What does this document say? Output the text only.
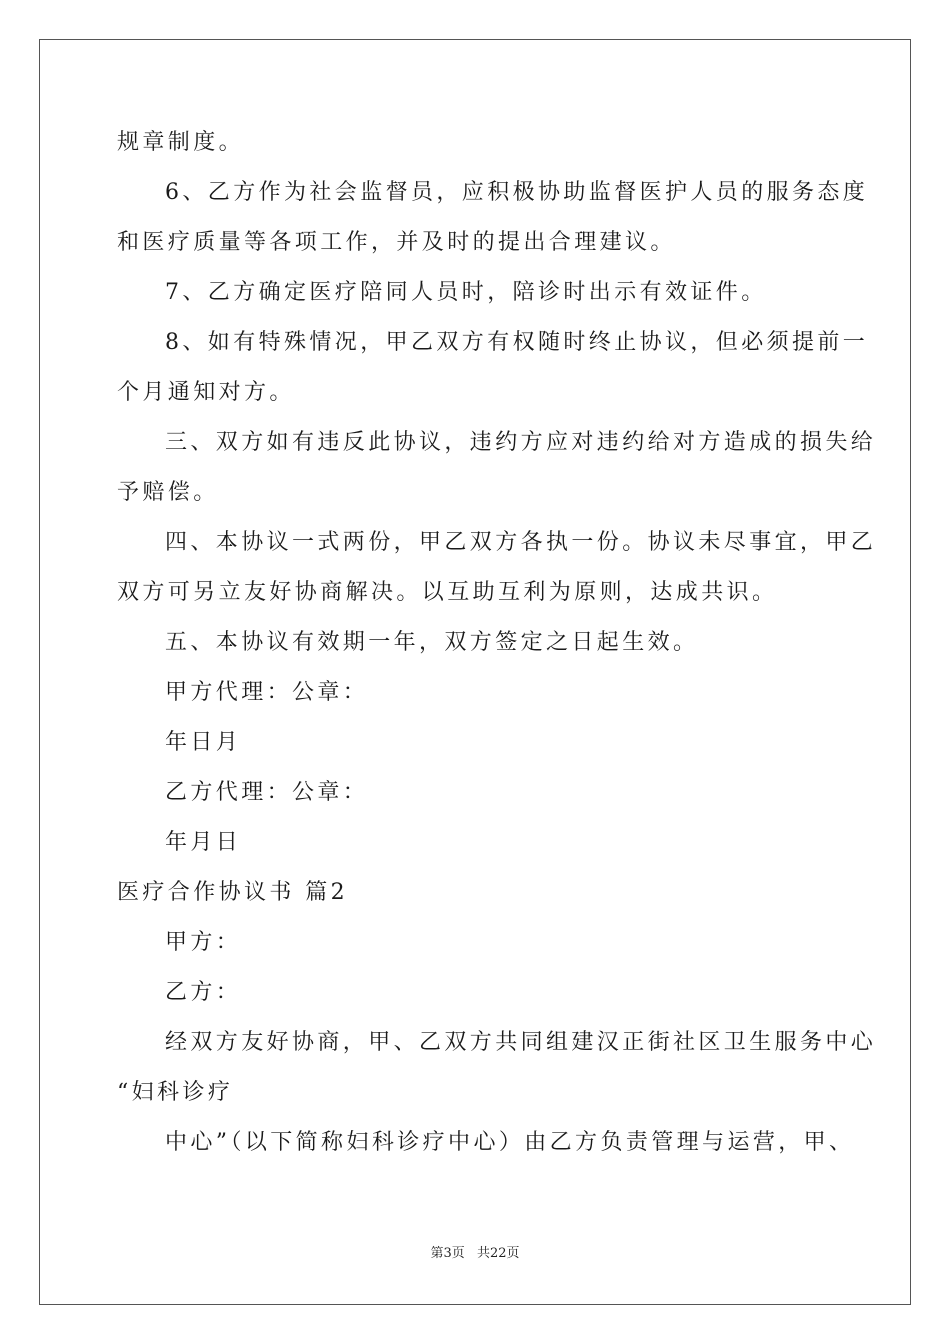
规章制度。
6、乙方作为社会监督员，应积极协助监督医护人员的服务态度
和医疗质量等各项工作，并及时的提出合理建议。
7、乙方确定医疗陪同人员时，陪诊时出示有效证件。
8、如有特殊情况，甲乙双方有权随时终止协议，但必须提前一
个月通知对方。
三、双方如有违反此协议，违约方应对违约给对方造成的损失给
予赔偿。
四、本协议一式两份，甲乙双方各执一份。协议未尽事宜，甲乙
双方可另立友好协商解决。以互助互利为原则，达成共识。
五、本协议有效期一年，双方签定之日起生效。
甲方代理：公章：
年日月
乙方代理：公章：
年月日
医疗合作协议书 篇2
甲方：
乙方：
经双方友好协商，甲、乙双方共同组建汉正街社区卫生服务中心
“妇科诊疗
中心”（以下简称妇科诊疗中心）由乙方负责管理与运营，甲、
第3页 共22页
